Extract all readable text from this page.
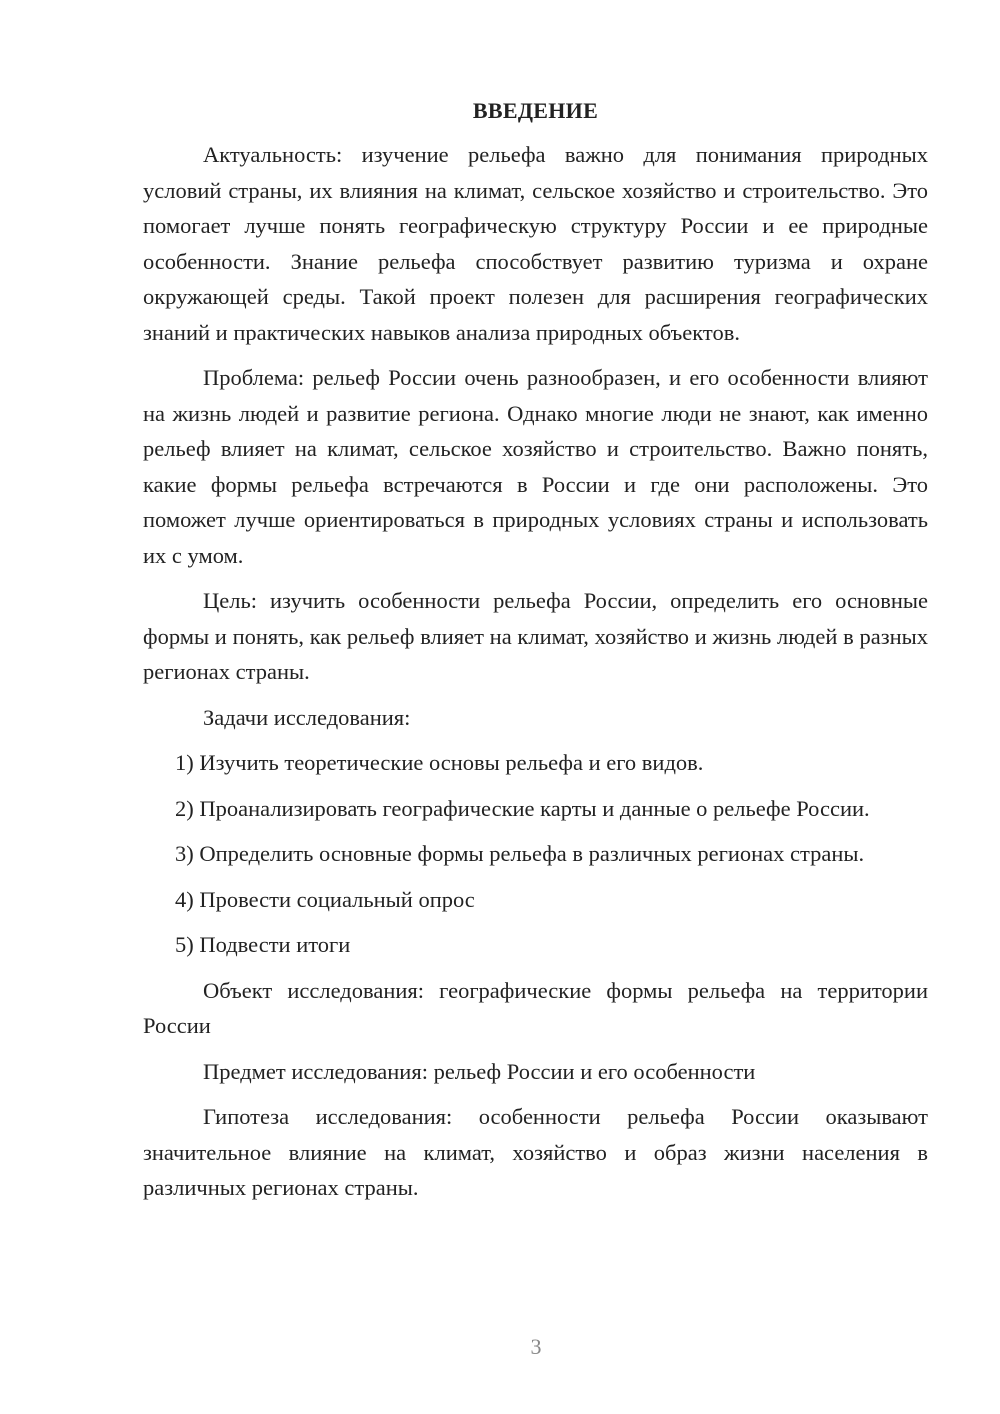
ВВЕДЕНИЕ

Актуальность: изучение рельефа важно для понимания природных условий страны, их влияния на климат, сельское хозяйство и строительство. Это помогает лучше понять географическую структуру России и ее природные особенности. Знание рельефа способствует развитию туризма и охране окружающей среды. Такой проект полезен для расширения географических знаний и практических навыков анализа природных объектов.

Проблема: рельеф России очень разнообразен, и его особенности влияют на жизнь людей и развитие региона. Однако многие люди не знают, как именно рельеф влияет на климат, сельское хозяйство и строительство. Важно понять, какие формы рельефа встречаются в России и где они расположены. Это поможет лучше ориентироваться в природных условиях страны и использовать их с умом.

Цель: изучить особенности рельефа России, определить его основные формы и понять, как рельеф влияет на климат, хозяйство и жизнь людей в разных регионах страны.

Задачи исследования:

1) Изучить теоретические основы рельефа и его видов.

2) Проанализировать географические карты и данные о рельефе России.

3) Определить основные формы рельефа в различных регионах страны.

4) Провести социальный опрос

5) Подвести итоги

Объект исследования: географические формы рельефа на территории России

Предмет исследования: рельеф России и его особенности

Гипотеза исследования: особенности рельефа России оказывают значительное влияние на климат, хозяйство и образ жизни населения в различных регионах страны.

3
